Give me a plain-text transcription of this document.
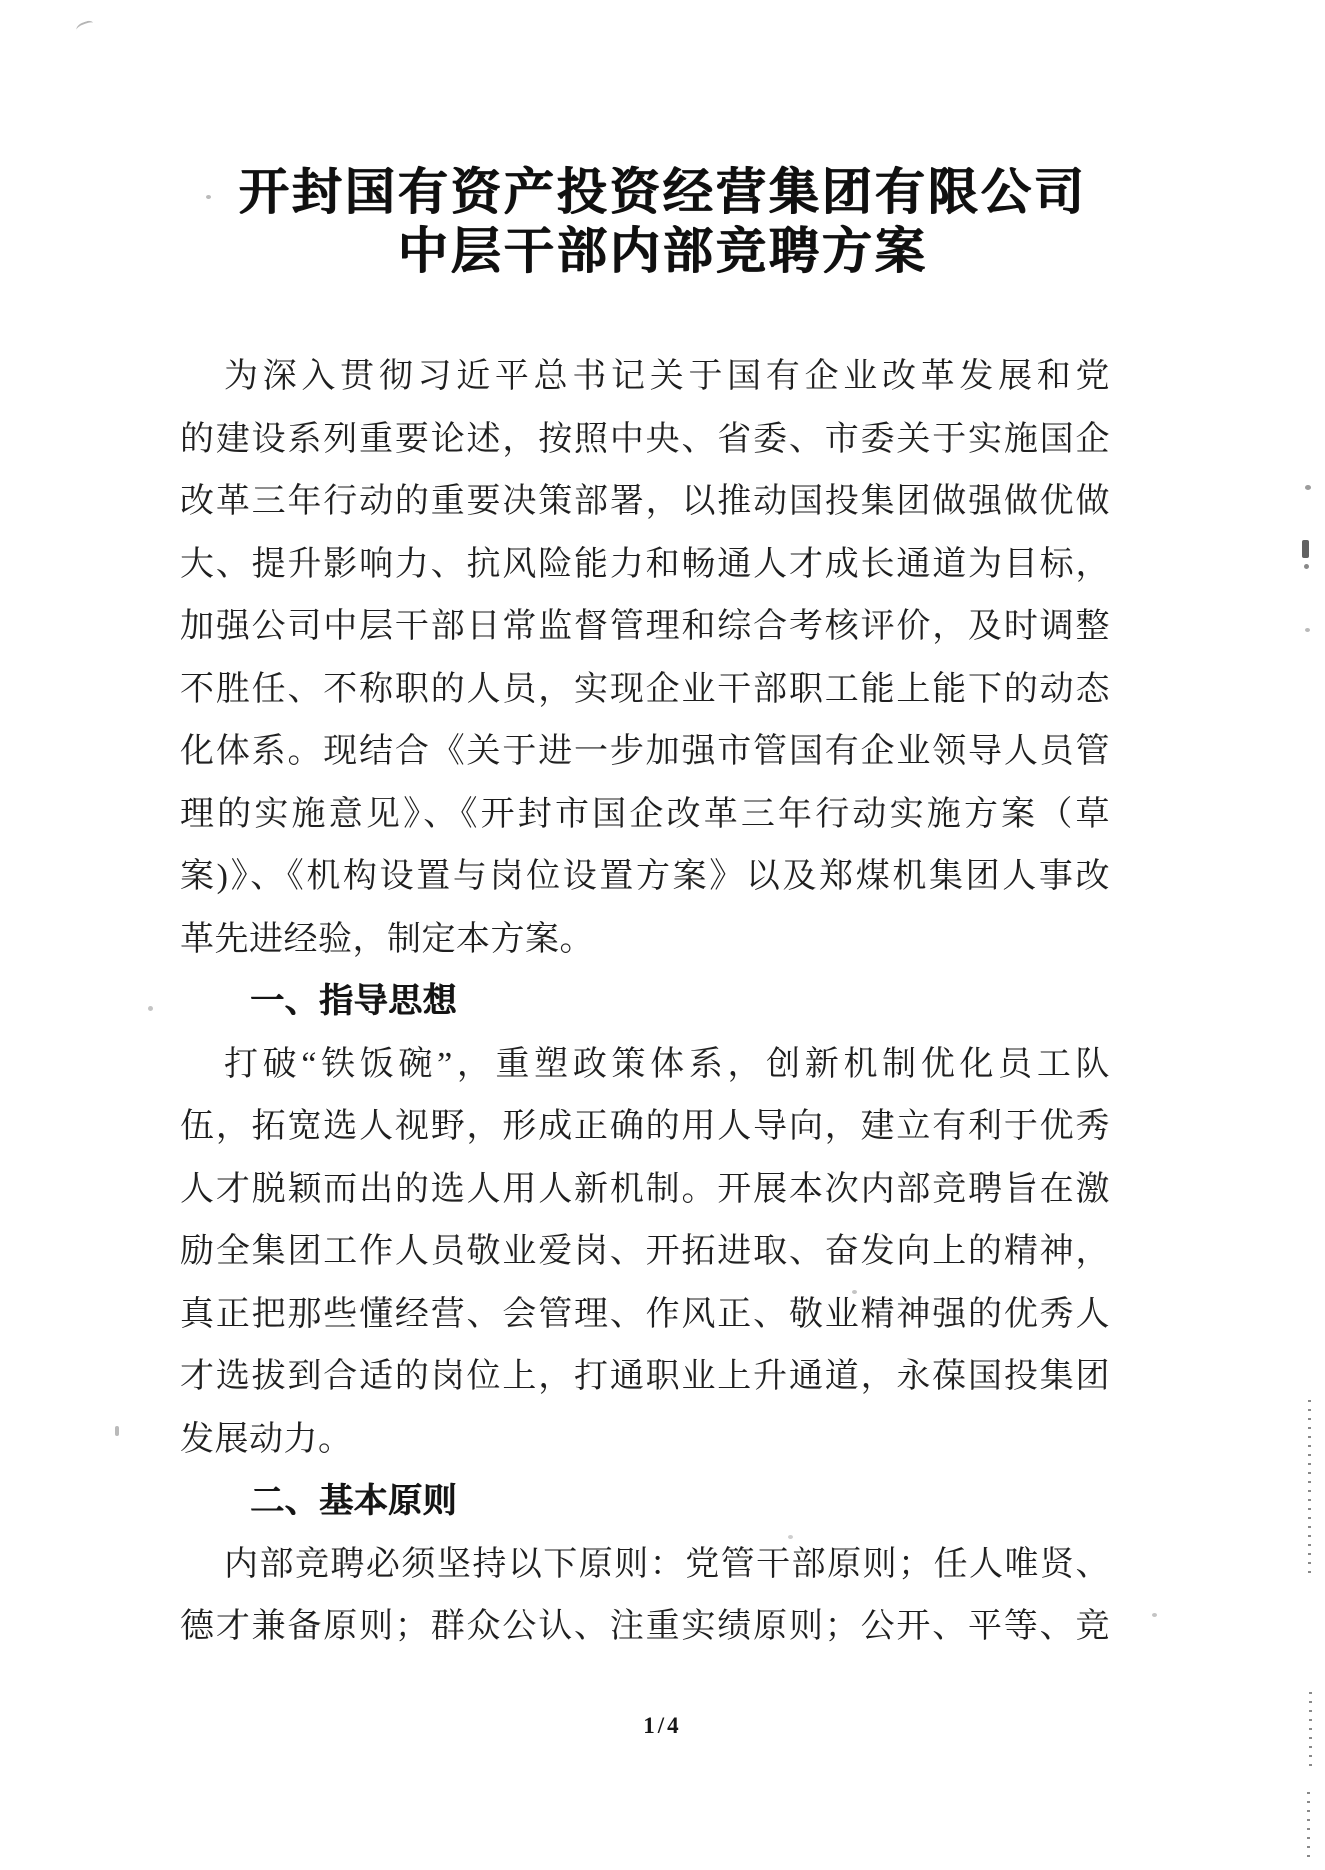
开封国有资产投资经营集团有限公司
中层干部内部竞聘方案
为深入贯彻习近平总书记关于国有企业改革发展和党
的建设系列重要论述，按照中央、省委、市委关于实施国企
改革三年行动的重要决策部署，以推动国投集团做强做优做
大、提升影响力、抗风险能力和畅通人才成长通道为目标，
加强公司中层干部日常监督管理和综合考核评价，及时调整
不胜任、不称职的人员，实现企业干部职工能上能下的动态
化体系。现结合《关于进一步加强市管国有企业领导人员管
理的实施意见》、《开封市国企改革三年行动实施方案（草
案)》、《机构设置与岗位设置方案》以及郑煤机集团人事改
革先进经验，制定本方案。
一、指导思想
打破“铁饭碗”，重塑政策体系，创新机制优化员工队
伍，拓宽选人视野，形成正确的用人导向，建立有利于优秀
人才脱颖而出的选人用人新机制。开展本次内部竞聘旨在激
励全集团工作人员敬业爱岗、开拓进取、奋发向上的精神，
真正把那些懂经营、会管理、作风正、敬业精神强的优秀人
才选拔到合适的岗位上，打通职业上升通道，永葆国投集团
发展动力。
二、基本原则
内部竞聘必须坚持以下原则：党管干部原则；任人唯贤、
德才兼备原则；群众公认、注重实绩原则；公开、平等、竞
1/4
